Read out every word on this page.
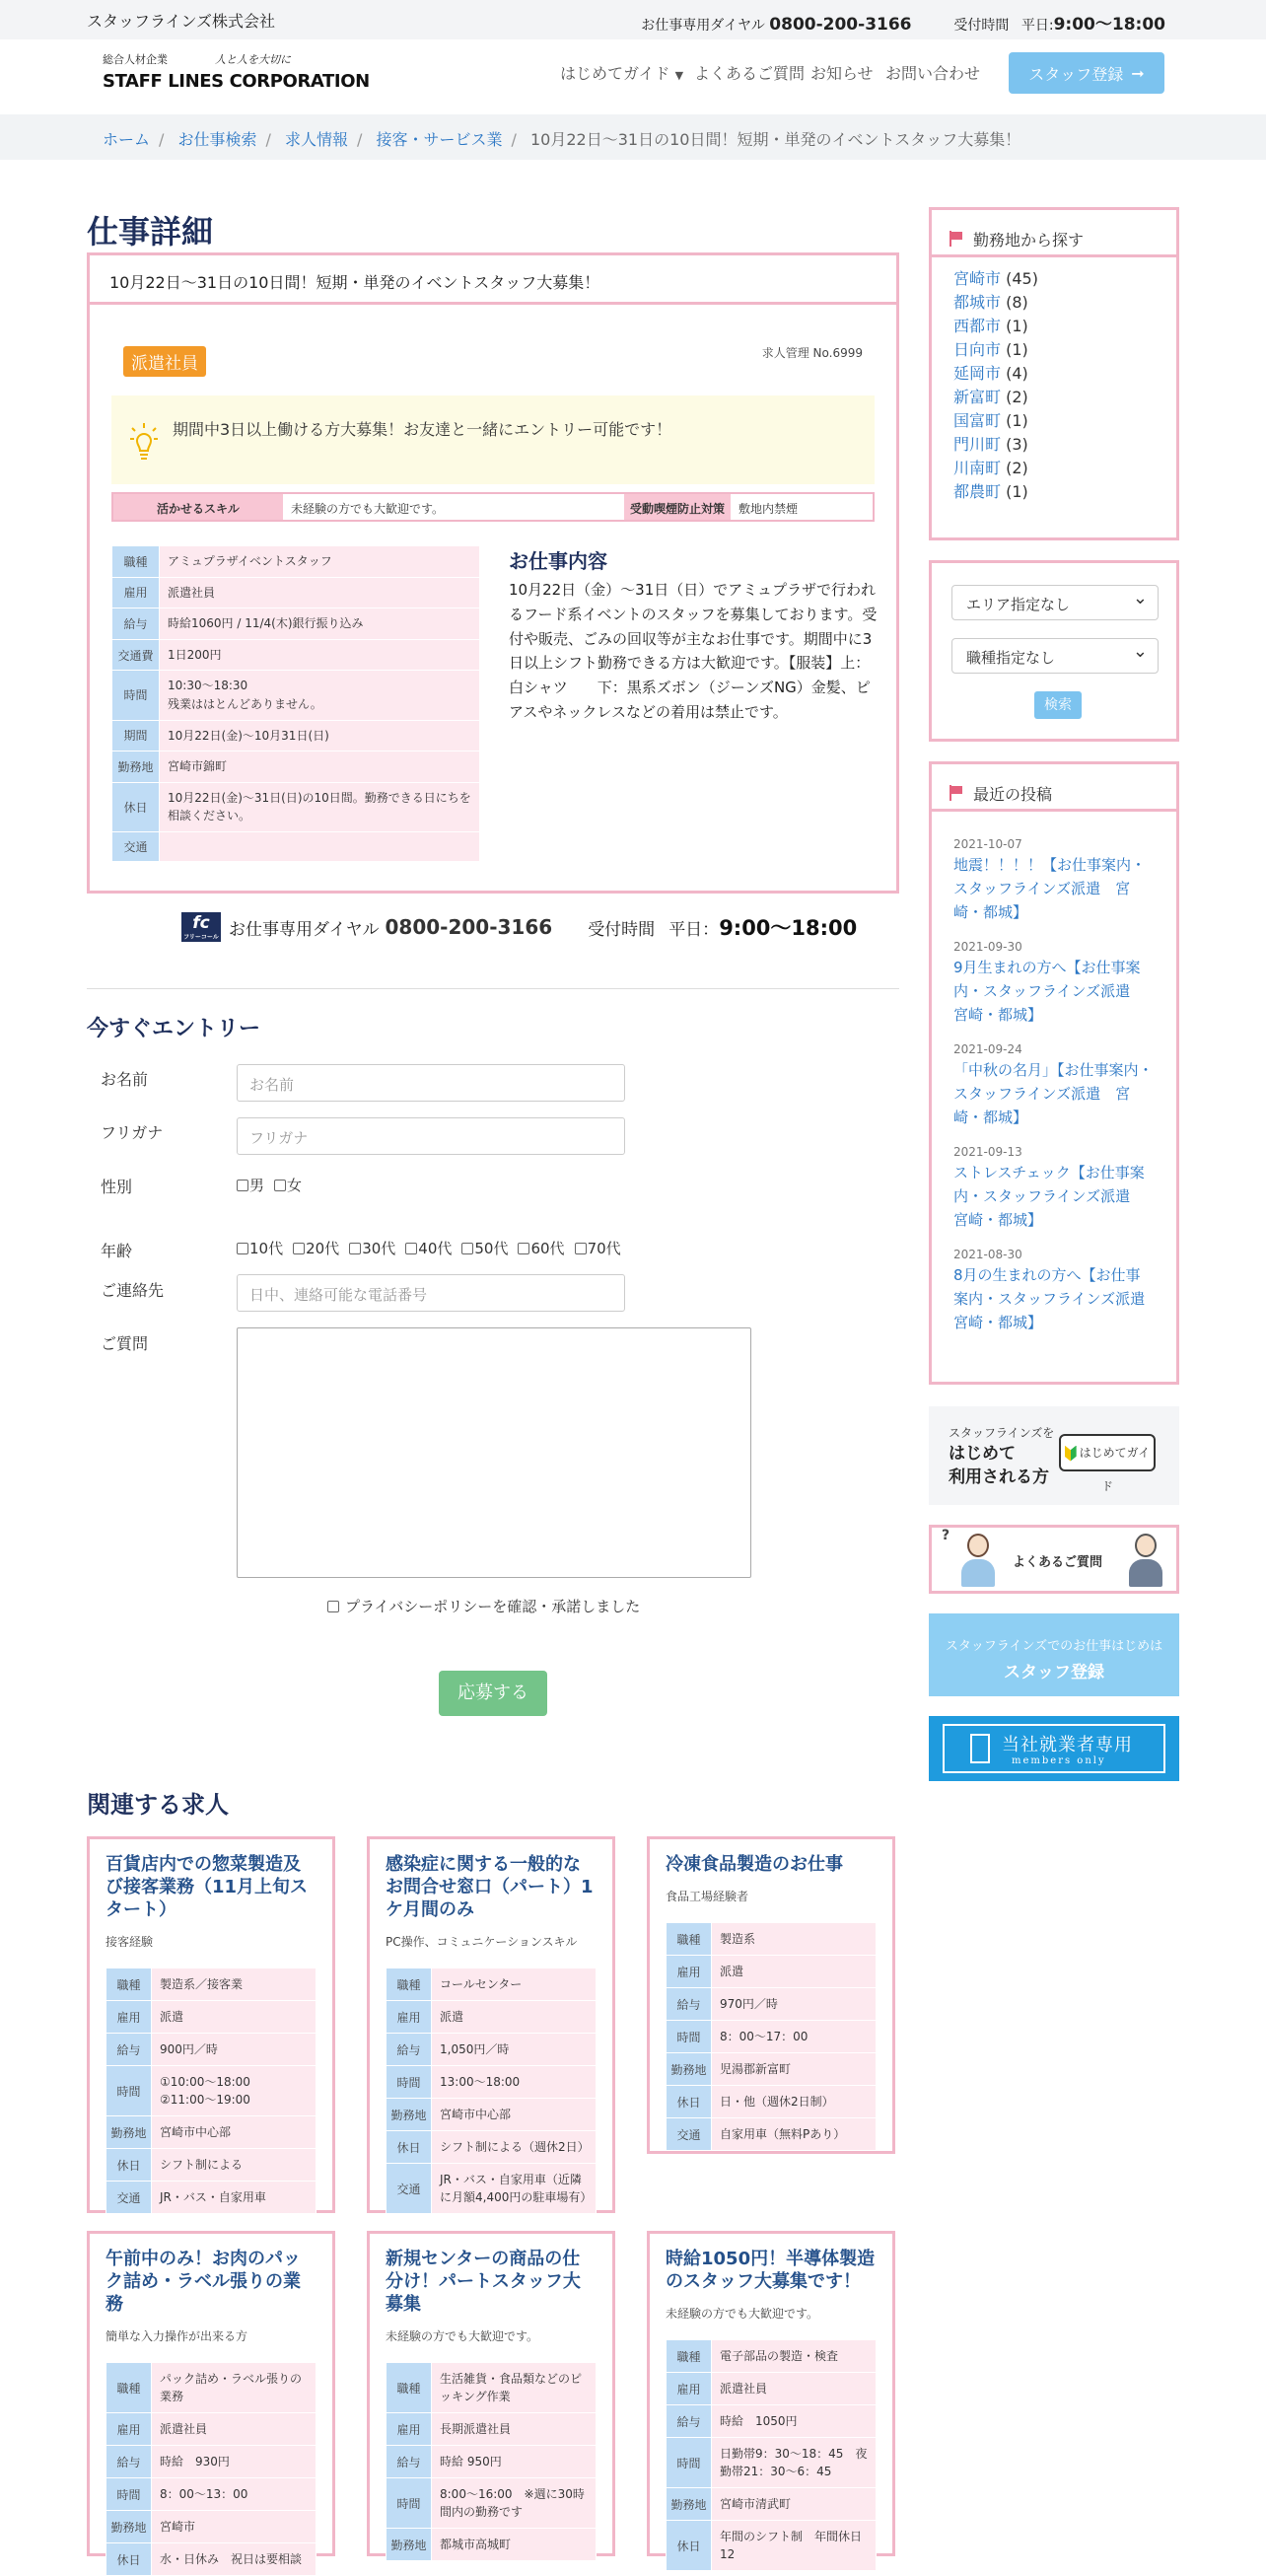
スタッフラインズ株式会社	お仕事専用ダイヤル 0800-200-3166	受付時間 平日:9:00〜18:00
総合人材企業	人と人を大切に
STAFF LINES CORPORATION	はじめてガイド ▼ よくあるご質問 お知らせ お問い合わせ	スタッフ登録 ➞
ホーム / お仕事検索 / 求人情報 / 接客・サービス業 / 10月22日〜31日の10日間！短期・単発のイベントスタッフ大募集！
仕事詳細
10月22日〜31日の10日間！短期・単発のイベントスタッフ大募集！
派遣社員
求人管理 No.6999
期間中3日以上働ける方大募集！お友達と一緒にエントリー可能です！
活かせるスキル	未経験の方でも大歓迎です。	受動喫煙防止対策	敷地内禁煙
職種	アミュプラザイベントスタッフ
雇用	派遣社員
給与	時給1060円 / 11/4(木)銀行振り込み
交通費	1日200円
時間	10:30〜18:30
残業ははとんどありません。
期間	10月22日(金)〜10月31日(日)
勤務地	宮崎市錦町
休日	10月22日(金)〜31日(日)の10日間。勤務できる日にちを相談ください。
交通	
お仕事内容
10月22日（金）〜31日（日）でアミュプラザで行われるフード系イベントのスタッフを募集しております。受付や販売、ごみの回収等が主なお仕事です。期間中に3日以上シフト勤務できる方は大歓迎です。【服装】上：白シャツ　　下：黒系ズボン（ジーンズNG）金髪、ピアスやネックレスなどの着用は禁止です。
fc
フリーコール お仕事専用ダイヤル 0800-200-3166 受付時間 平日： 9:00〜18:00
今すぐエントリー
お名前	お名前
フリガナ	フリガナ
性別	男 女
年齢	10代 20代 30代 40代 50代 60代 70代
ご連絡先	日中、連絡可能な電話番号
ご質問
プライバシーポリシーを確認・承諾しました
応募する
関連する求人
百貨店内での惣菜製造及び接客業務（11月上旬スタート）
接客経験
職種	製造系／接客業
雇用	派遣
給与	900円／時
時間	①10:00〜18:00　②11:00〜19:00
勤務地	宮崎市中心部
休日	シフト制による
交通	JR・バス・自家用車
感染症に関する一般的なお問合せ窓口（パート）1ケ月間のみ
PC操作、コミュニケーションスキル
職種	コールセンター
雇用	派遣
給与	1,050円／時
時間	13:00〜18:00
勤務地	宮崎市中心部
休日	シフト制による（週休2日）
交通	JR・バス・自家用車（近隣に月額4,400円の駐車場有）
冷凍食品製造のお仕事
食品工場経験者
職種	製造系
雇用	派遣
給与	970円／時
時間	8：00〜17：00
勤務地	児湯郡新富町
休日	日・他（週休2日制）
交通	自家用車（無料Pあり）
午前中のみ！お肉のパック詰め・ラベル張りの業務
簡単な入力操作が出来る方
職種	パック詰め・ラベル張りの業務
雇用	派遣社員
給与	時給　930円
時間	8：00〜13：00
勤務地	宮崎市
休日	水・日休み　祝日は要相談
新規センターの商品の仕分け！パートスタッフ大募集
未経験の方でも大歓迎です。
職種	生活雑貨・食品類などのピッキング作業
雇用	長期派遣社員
給与	時給 950円
時間	8:00〜16:00　※週に30時間内の勤務です
勤務地	都城市高城町
時給1050円！半導体製造のスタッフ大募集です！
未経験の方でも大歓迎です。
職種	電子部品の製造・検査
雇用	派遣社員
給与	時給　1050円
時間	日勤帯9：30〜18：45　夜勤帯21：30〜6：45
勤務地	宮崎市清武町
休日	年間のシフト制　年間休日12
勤務地から探す
宮崎市 (45)
都城市 (8)
西都市 (1)
日向市 (1)
延岡市 (4)
新富町 (2)
国富町 (1)
門川町 (3)
川南町 (2)
都農町 (1)
エリア指定なし ⌄
職種指定なし ⌄
検索
最近の投稿
2021-10-07
地震！！！！【お仕事案内・スタッフラインズ派遣　宮崎・都城】
2021-09-30
9月生まれの方へ【お仕事案内・スタッフラインズ派遣　宮崎・都城】
2021-09-24
「中秋の名月」【お仕事案内・スタッフラインズ派遣　宮崎・都城】
2021-09-13
ストレスチェック【お仕事案内・スタッフラインズ派遣　宮崎・都城】
2021-08-30
8月の生まれの方へ【お仕事案内・スタッフラインズ派遣　宮崎・都城】
スタッフラインズを
はじめて
利用される方
はじめてガイド
?
よくあるご質問
スタッフラインズでのお仕事はじめは
スタッフ登録
当社就業者専用
members only
